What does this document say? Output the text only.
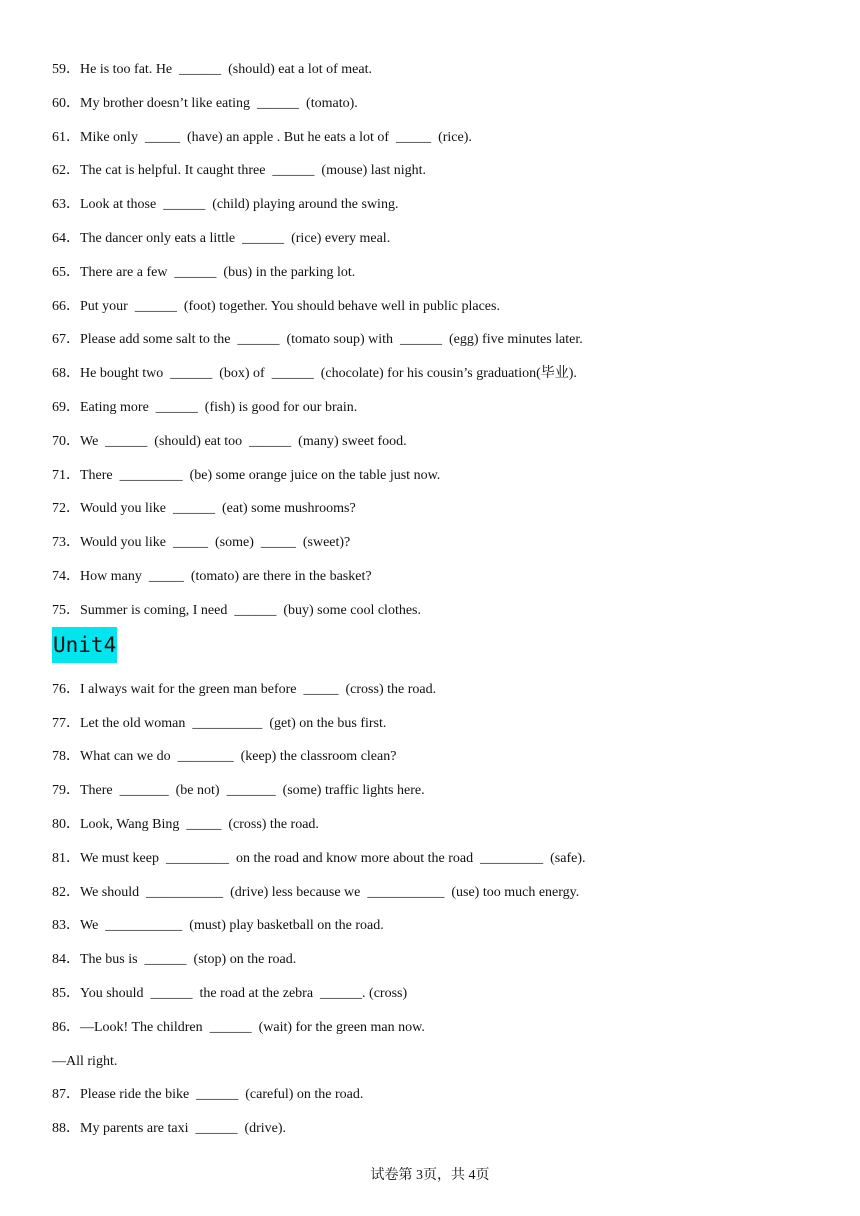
59．He is too fat. He  ______  (should) eat a lot of meat.
60．My brother doesn’t like eating  ______  (tomato).
61．Mike only  _____  (have) an apple . But he eats a lot of  _____  (rice).
62．The cat is helpful. It caught three  ______  (mouse) last night.
63．Look at those  ______  (child) playing around the swing.
64．The dancer only eats a little  ______  (rice) every meal.
65．There are a few  ______  (bus) in the parking lot.
66．Put your  ______  (foot) together. You should behave well in public places.
67．Please add some salt to the  ______  (tomato soup) with  ______  (egg) five minutes later.
68．He bought two  ______  (box) of  ______  (chocolate) for his cousin’s graduation(毕业).
69．Eating more  ______  (fish) is good for our brain.
70．We  ______  (should) eat too  ______  (many) sweet food.
71．There  _________  (be) some orange juice on the table just now.
72．Would you like  ______  (eat) some mushrooms?
73．Would you like  _____  (some)  _____  (sweet)?
74．How many  _____  (tomato) are there in the basket?
75．Summer is coming, I need  ______  (buy) some cool clothes.
Unit4
76．I always wait for the green man before  _____  (cross) the road.
77．Let the old woman  __________  (get) on the bus first.
78．What can we do  ________  (keep) the classroom clean?
79．There  _______  (be not)  _______  (some) traffic lights here.
80．Look, Wang Bing  _____  (cross) the road.
81．We must keep  _________  on the road and know more about the road  _________  (safe).
82．We should  ___________  (drive) less because we  ___________  (use) too much energy.
83．We  ___________  (must) play basketball on the road.
84．The bus is  ______  (stop) on the road.
85．You should  ______  the road at the zebra  ______. (cross)
86．—Look! The children  ______  (wait) for the green man now.
—All right.
87．Please ride the bike  ______  (careful) on the road.
88．My parents are taxi  ______  (drive).
试卷第 3页，共 4页
